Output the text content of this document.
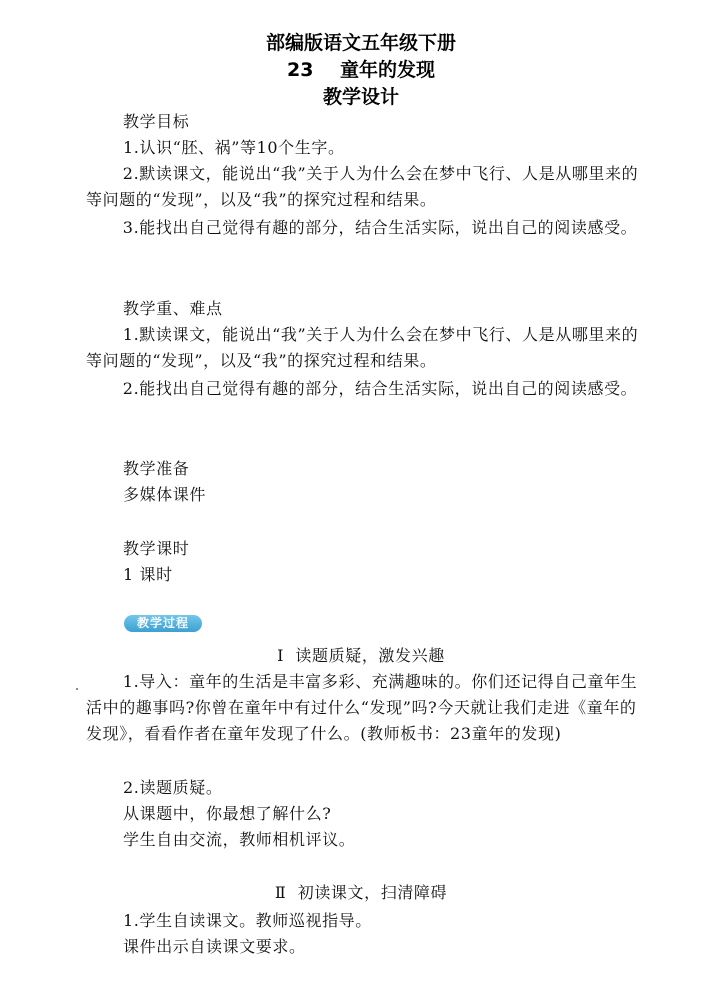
部编版语文五年级下册
23    童年的发现
教学设计
教学目标
1.认识“胚、祸”等10个生字。

2.默读课文，能说出“我”关于人为什么会在梦中飞行、人是从哪里来的等问题的“发现”，以及“我”的探究过程和结果。

3.能找出自己觉得有趣的部分，结合生活实际，说出自己的阅读感受。

教学重、难点

1.默读课文，能说出“我”关于人为什么会在梦中飞行、人是从哪里来的等问题的“发现”，以及“我”的探究过程和结果。

2.能找出自己觉得有趣的部分，结合生活实际，说出自己的阅读感受。

教学准备
多媒体课件
教学课时
1 课时
教学过程
Ⅰ  读题质疑，激发兴趣

1.导入：童年的生活是丰富多彩、充满趣味的。你们还记得自己童年生活中的趣事吗?你曾在童年中有过什么“发现”吗?今天就让我们走进《童年的发现》，看看作者在童年发现了什么。(教师板书：23童年的发现)

2.读题质疑。
从课题中，你最想了解什么?
学生自由交流，教师相机评议。
Ⅱ  初读课文，扫清障碍
1.学生自读课文。教师巡视指导。
课件出示自读课文要求。
